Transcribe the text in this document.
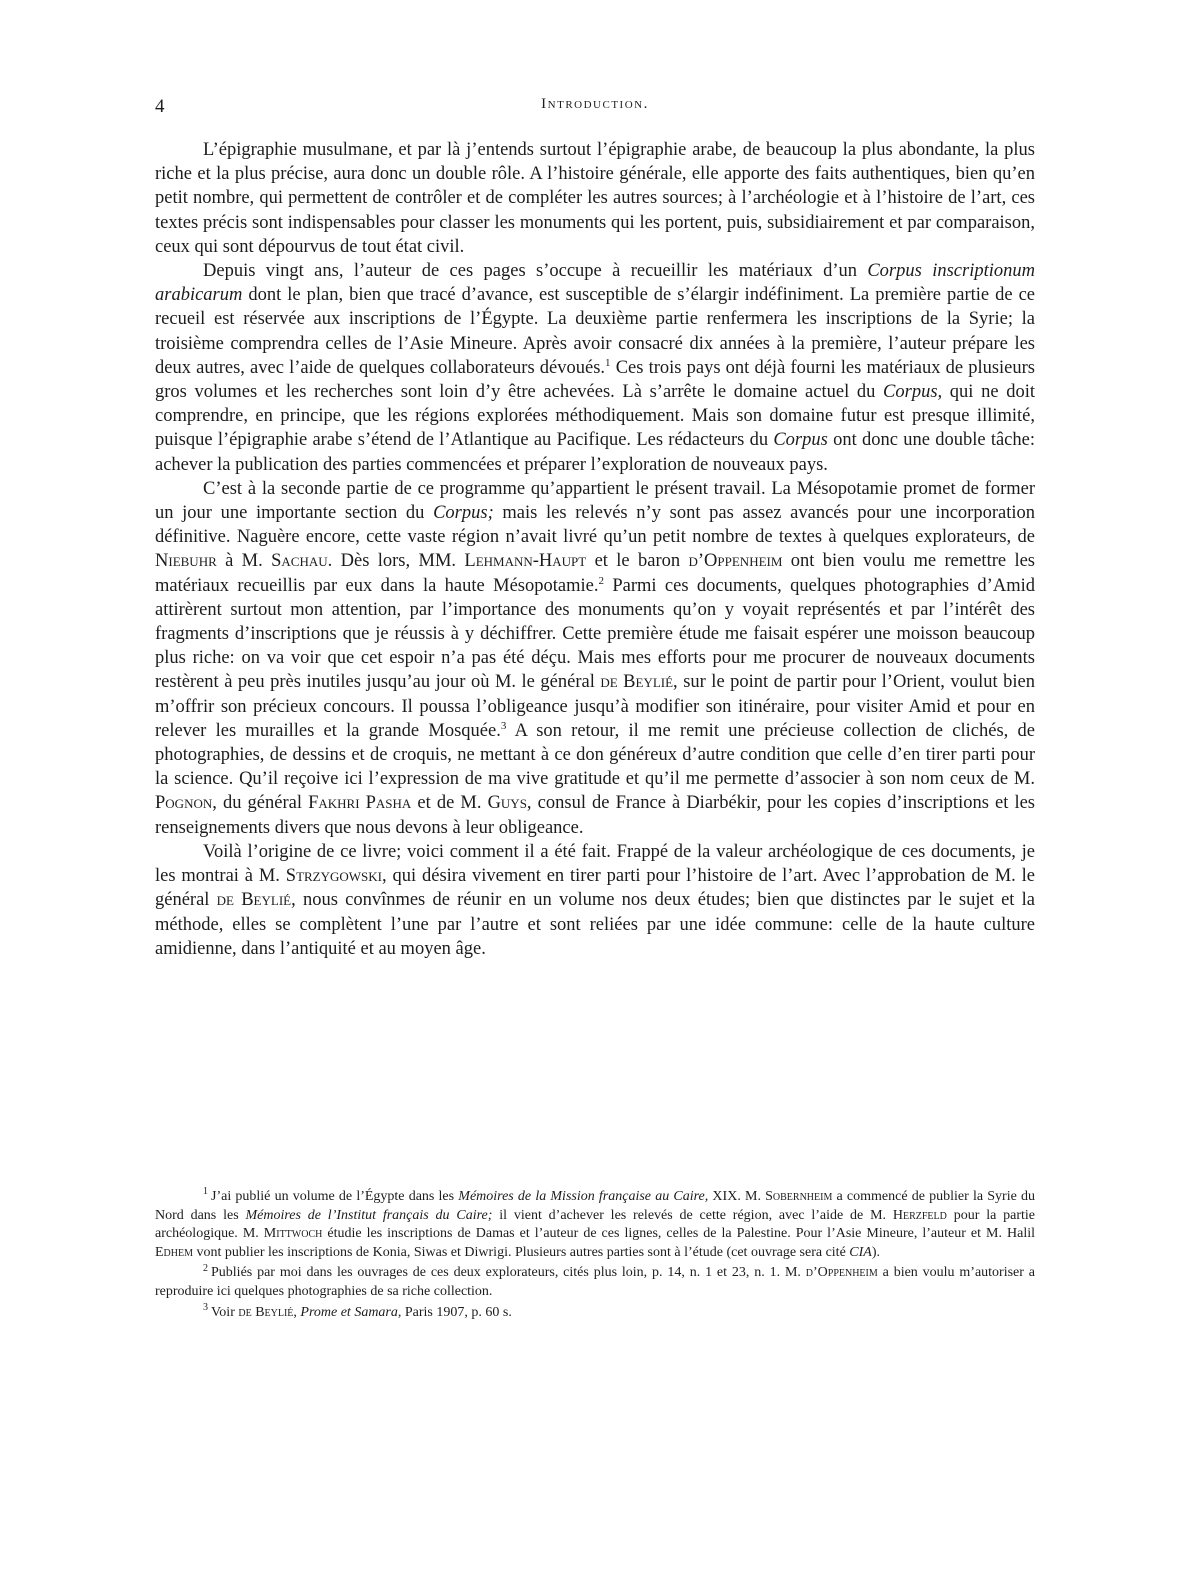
4	Introduction.

L’épigraphie musulmane, et par là j’entends surtout l’épigraphie arabe, de beaucoup la plus abondante, la plus riche et la plus précise, aura donc un double rôle. A l’histoire générale, elle apporte des faits authentiques, bien qu’en petit nombre, qui permettent de contrôler et de compléter les autres sources; à l’archéologie et à l’histoire de l’art, ces textes précis sont indispensables pour classer les monuments qui les portent, puis, subsidiairement et par comparaison, ceux qui sont dépourvus de tout état civil.

Depuis vingt ans, l’auteur de ces pages s’occupe à recueillir les matériaux d’un Corpus inscriptionum arabicarum dont le plan, bien que tracé d’avance, est susceptible de s’élargir indéfiniment. La première partie de ce recueil est réservée aux inscriptions de l’Égypte. La deuxième partie renfermera les inscriptions de la Syrie; la troisième comprendra celles de l’Asie Mineure. Après avoir consacré dix années à la première, l’auteur prépare les deux autres, avec l’aide de quelques collaborateurs dévoués.$^1$ Ces trois pays ont déjà fourni les matériaux de plusieurs gros volumes et les recherches sont loin d’y être achevées. Là s’arrête le domaine actuel du Corpus, qui ne doit comprendre, en principe, que les régions explorées méthodiquement. Mais son domaine futur est presque illimité, puisque l’épigraphie arabe s’étend de l’Atlantique au Pacifique. Les rédacteurs du Corpus ont donc une double tâche: achever la publication des parties commencées et préparer l’exploration de nouveaux pays.

C’est à la seconde partie de ce programme qu’appartient le présent travail. La Mésopotamie promet de former un jour une importante section du Corpus; mais les relevés n’y sont pas assez avancés pour une incorporation définitive. Naguère encore, cette vaste région n’avait livré qu’un petit nombre de textes à quelques explorateurs, de Niebuhr à M. Sachau. Dès lors, MM. Lehmann-Haupt et le baron d’Oppenheim ont bien voulu me remettre les matériaux recueillis par eux dans la haute Mésopotamie.$^2$ Parmi ces documents, quelques photographies d’Amid attirèrent surtout mon attention, par l’importance des monuments qu’on y voyait représentés et par l’intérêt des fragments d’inscriptions que je réussis à y déchiffrer. Cette première étude me faisait espérer une moisson beaucoup plus riche: on va voir que cet espoir n’a pas été déçu. Mais mes efforts pour me procurer de nouveaux documents restèrent à peu près inutiles jusqu’au jour où M. le général de Beylié, sur le point de partir pour l’Orient, voulut bien m’offrir son précieux concours. Il poussa l’obligeance jusqu’à modifier son itinéraire, pour visiter Amid et pour en relever les murailles et la grande Mosquée.$^3$ A son retour, il me remit une précieuse collection de clichés, de photographies, de dessins et de croquis, ne mettant à ce don généreux d’autre condition que celle d’en tirer parti pour la science. Qu’il reçoive ici l’expression de ma vive gratitude et qu’il me permette d’associer à son nom ceux de M. Pognon, du général Fakhri Pasha et de M. Guys, consul de France à Diarbékir, pour les copies d’inscriptions et les renseignements divers que nous devons à leur obligeance.

Voilà l’origine de ce livre; voici comment il a été fait. Frappé de la valeur archéologique de ces documents, je les montrai à M. Strzygowski, qui désira vivement en tirer parti pour l’histoire de l’art. Avec l’approbation de M. le général de Beylié, nous convînmes de réunir en un volume nos deux études; bien que distinctes par le sujet et la méthode, elles se complètent l’une par l’autre et sont reliées par une idée commune: celle de la haute culture amidienne, dans l’antiquité et au moyen âge.

$^1$ J’ai publié un volume de l’Égypte dans les Mémoires de la Mission française au Caire, XIX. M. Sobernheim a commencé de publier la Syrie du Nord dans les Mémoires de l’Institut français du Caire; il vient d’achever les relevés de cette région, avec l’aide de M. Herzfeld pour la partie archéologique. M. Mittwoch étudie les inscriptions de Damas et l’auteur de ces lignes, celles de la Palestine. Pour l’Asie Mineure, l’auteur et M. Halil Edhem vont publier les inscriptions de Konia, Siwas et Diwrigi. Plusieurs autres parties sont à l’étude (cet ouvrage sera cité CIA).

$^2$ Publiés par moi dans les ouvrages de ces deux explorateurs, cités plus loin, p. 14, n. 1 et 23, n. 1. M. d’Oppenheim a bien voulu m’autoriser a reproduire ici quelques photographies de sa riche collection.

$^3$ Voir de Beylié, Prome et Samara, Paris 1907, p. 60 s.
